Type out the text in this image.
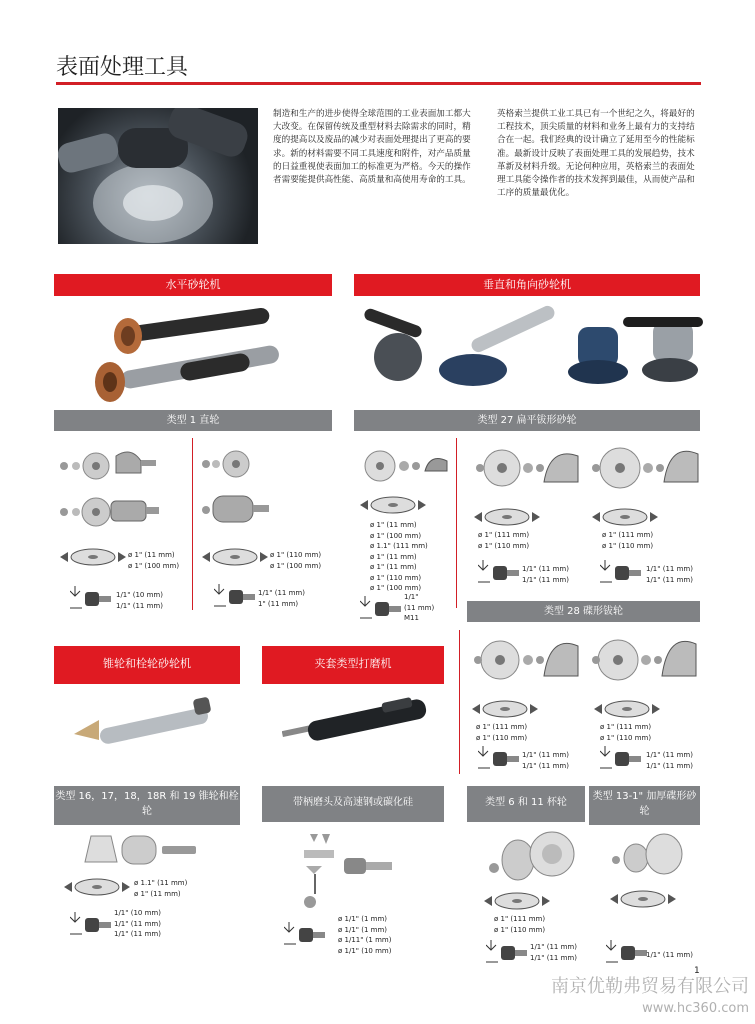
表面处理工具
制造和生产的进步使得全球范围的工业表面加工都大大改变。在保留传统及重型材料去除需求的同时，精度的提高以及废品的减少对表面处理提出了更高的要求。新的材料需要不同工具速度和附件，对产品质量的日益重视使表面加工的标准更为严格。今天的操作者需要能提供高性能、高质量和高使用寿命的工具。
英格索兰提供工业工具已有一个世纪之久，将最好的工程技术，顶尖质量的材料和业务上最有力的支持结合在一起。我们经典的设计确立了延用至今的性能标准。最新设计反映了表面处理工具的发展趋势，技术革新及材料升级。无论何种应用，英格索兰的表面处理工具能令操作者的技术发挥到最佳，从而使产品和工序的质量最优化。
水平砂轮机	垂直和角向砂轮机
类型 1 直轮	类型 27 扁平钹形砂轮
ø 1" (11 mm)
ø 1" (100 mm)
1/1" (10 mm)
1/1" (11 mm)
ø 1" (110 mm)
ø 1" (100 mm)
1/1" (11 mm)
1" (11 mm)
ø 1" (11 mm)
ø 1" (100 mm)
ø 1.1" (111 mm)
ø 1" (11 mm)
ø 1" (11 mm)
ø 1" (110 mm)
ø 1" (100 mm)
1/1"
(11 mm)
M11
ø 1" (111 mm)
ø 1" (110 mm)
1/1" (11 mm)
1/1" (11 mm)
ø 1" (111 mm)
ø 1" (110 mm)
1/1" (11 mm)
1/1" (11 mm)
类型 28 碟形钹轮
锥轮和栓轮砂轮机	夹套类型打磨机
ø 1" (111 mm)
ø 1" (110 mm)
1/1" (11 mm)
1/1" (11 mm)
ø 1" (111 mm)
ø 1" (110 mm)
1/1" (11 mm)
1/1" (11 mm)
类型 16，17，18，18R 和 19 锥轮和栓轮
带柄磨头及高速钢或碳化硅	类型 6 和 11 杯轮
类型 13-1" 加厚碟形砂轮
ø 1.1" (11 mm)
ø 1" (11 mm)
1/1" (10 mm)
1/1" (11 mm)
1/1" (11 mm)
ø 1/1" (1 mm)
ø 1/1" (1 mm)
ø 1/11" (1 mm)
ø 1/1" (10 mm)
ø 1" (111 mm)
ø 1" (110 mm)
1/1" (11 mm)
1/1" (11 mm)	1/1" (11 mm)
1
南京优勒弗贸易有限公司
www.hc360.com
